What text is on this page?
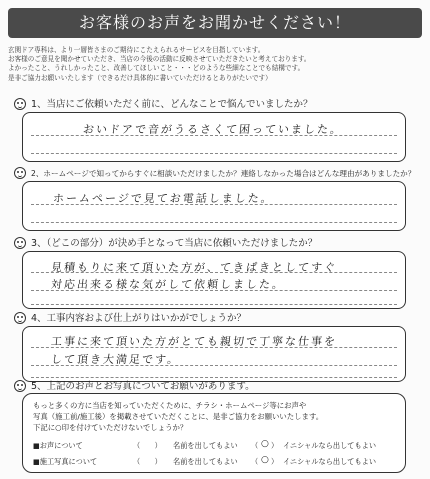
お客様のお声をお聞かせください！
玄関ドア専科は、より一層皆さまのご期待にこたえられるサービスを目指しています。
お客様のご意見を聞かせていただき、当店の今後の活動に反映させていただきたいと考えております。
よかったこと、うれしかったこと、改善してほしいこと・・・どのような些細なことでも結構です。
是非ご協力お願いいたします（できるだけ具体的に書いていただけるとありがたいです）
1、当店にご依頼いただく前に、どんなことで悩んでいましたか？
おいドアで音がうるさくて困っていました。
2、ホームページで知ってからすぐに相談いただけましたか？連絡しなかった場合はどんな理由がありましたか？
ホームページで見てお電話しました。
3、（どこの部分）が決め手となって当店に依頼いただけましたか？
見積もりに来て頂いた方が、てきぱきとしてすぐ
対応出来る様な気がして依頼しました。
4、工事内容および仕上がりはいかがでしょうか？
工事に来て頂いた方がとても親切で丁寧な仕事を
して頂き大満足です。
5、上記のお声とお写真についてお願いがあります。
もっと多くの方に当店を知っていただくために、チラシ・ホームページ等にお声や
写真（施工前/施工後）を掲載させていただくことに、是非ご協力をお願いいたします。
下記に○印を付けていただけないでしょうか？
■お声について	（　　） 名前を出してもよい （ ○ ） イニシャルなら出してもよい
■施工写真について	（　　） 名前を出してもよい （ ○ ） イニシャルなら出してもよい
